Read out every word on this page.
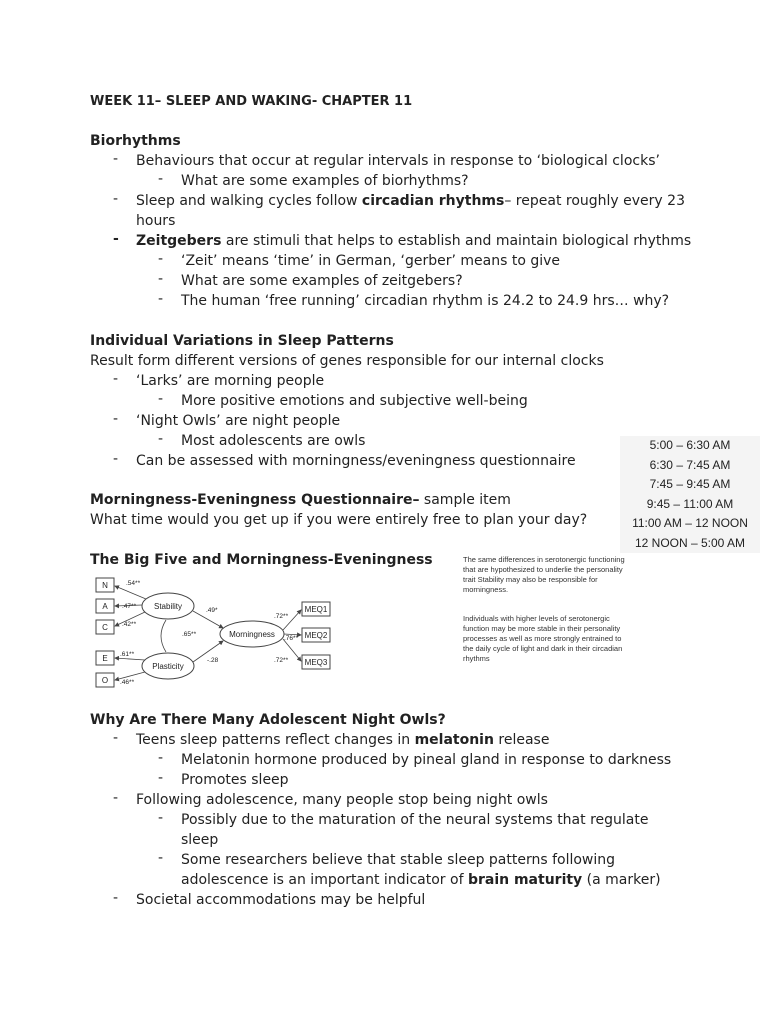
WEEK 11– SLEEP AND WAKING- CHAPTER 11
Biorhythms
- Behaviours that occur at regular intervals in response to ‘biological clocks’
- What are some examples of biorhythms?
- Sleep and walking cycles follow circadian rhythms– repeat roughly every 23
hours
- Zeitgebers are stimuli that helps to establish and maintain biological rhythms
- ‘Zeit’ means ‘time’ in German, ‘gerber’ means to give
- What are some examples of zeitgebers?
- The human ‘free running’ circadian rhythm is 24.2 to 24.9 hrs… why?
Individual Variations in Sleep Patterns
Result form different versions of genes responsible for our internal clocks
- ‘Larks’ are morning people
- More positive emotions and subjective well-being
- ‘Night Owls’ are night people
- Most adolescents are owls
- Can be assessed with morningness/eveningness questionnaire
5:00 – 6:30 AM
6:30 – 7:45 AM
7:45 – 9:45 AM
9:45 – 11:00 AM
11:00 AM – 12 NOON
12 NOON – 5:00 AM
Morningness-Eveningness Questionnaire– sample item
What time would you get up if you were entirely free to plan your day?
The Big Five and Morningness-Eveningness
N
A
C
E
O
Stability
Plasticity
Morningness
MEQ1
MEQ2
MEQ3
.54**
.47**
.42**
.61**
.46**
.49*
.65**
-.28
.72**
.76**
.72**
The same differences in serotonergic functioning that are hypothesized to underlie the personality trait Stability may also be responsible for morningness.
Individuals with higher levels of serotonergic function may be more stable in their personality processes as well as more strongly entrained to the daily cycle of light and dark in their circadian rhythms
Why Are There Many Adolescent Night Owls?
- Teens sleep patterns reflect changes in melatonin release
- Melatonin hormone produced by pineal gland in response to darkness
- Promotes sleep
- Following adolescence, many people stop being night owls
- Possibly due to the maturation of the neural systems that regulate
sleep
- Some researchers believe that stable sleep patterns following
adolescence is an important indicator of brain maturity (a marker)
- Societal accommodations may be helpful
